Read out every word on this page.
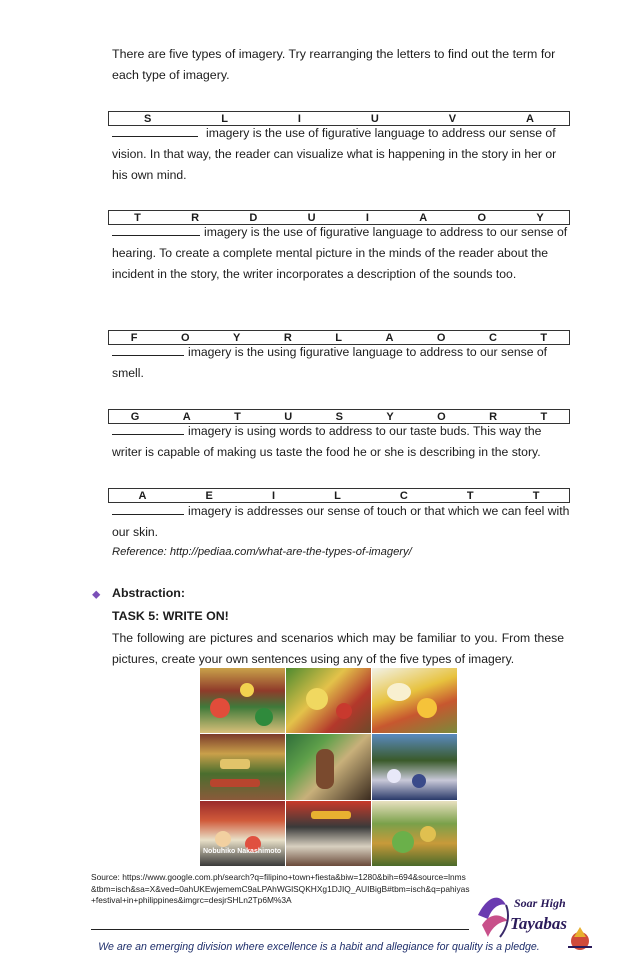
There are five types of imagery. Try rearranging the letters to find out the term for each type of imagery.
S	L	I	U	V	A
imagery is the use of figurative language to address our sense of vision. In that way, the reader can visualize what is happening in the story in her or his own mind.
T	R	D	U	I	A	O	Y
imagery is the use of figurative language to address to our sense of hearing. To create a complete mental picture in the minds of the reader about the incident in the story, the writer incorporates a description of the sounds too.
F	O	Y	R	L	A	O	C	T
imagery is the using figurative language to address to our sense of smell.
G	A	T	U	S	Y	O	R	T
imagery is using words to address to our taste buds. This way the writer is capable of making us taste the food he or she is describing in the story.
A	E	I	L	C	T	T
imagery is addresses our sense of touch or that which we can feel with our skin.
Reference: http://pediaa.com/what-are-the-types-of-imagery/
⬥ Abstraction:
TASK 5: WRITE ON!
The following are pictures and scenarios which may be familiar to you. From these pictures, create your own sentences using any of the five types of imagery.
Nobuhiko Nakashimoto
Source: https://www.google.com.ph/search?q=filipino+town+fiesta&biw=1280&bih=694&source=lnms&tbm=isch&sa=X&ved=0ahUKEwjememC9aLPAhWGlSQKHXg1DJIQ_AUIBigB#tbm=isch&q=pahiyas+festival+in+philippines&imgrc=desjrSHLn2Tp6M%3A	Soar High
Tayabas
We are an emerging division where excellence is a habit and allegiance for quality is a pledge.
